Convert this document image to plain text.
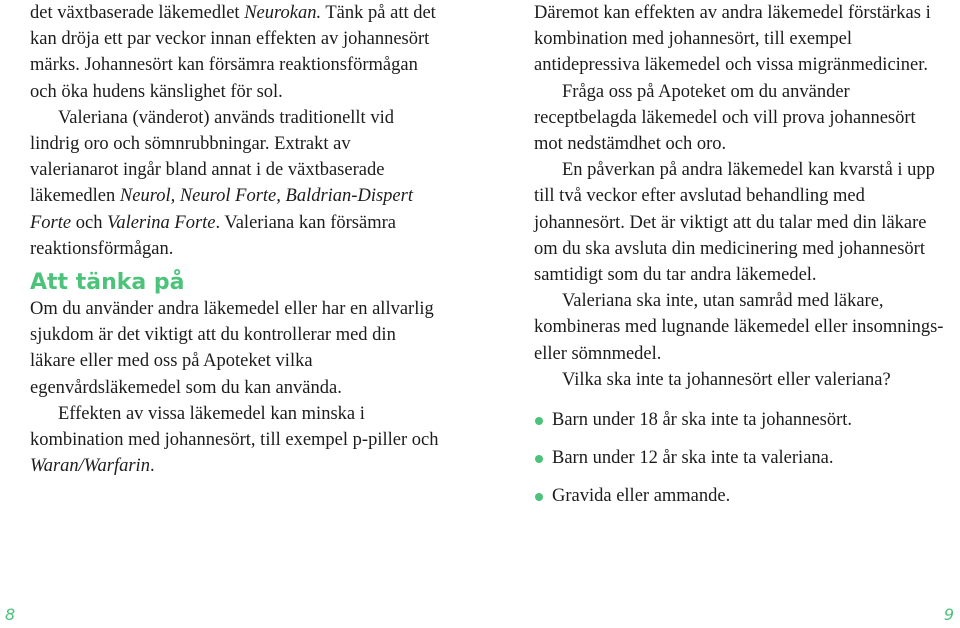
det växtbaserade läkemedlet Neurokan. Tänk på att det kan dröja ett par veckor innan effekten av johannesört märks. Johannesört kan försämra reaktionsförmågan och öka hudens känslighet för sol.

Valeriana (vänderot) används traditionellt vid lindrig oro och sömnrubbningar. Extrakt av valerianarot ingår bland annat i de växtbaserade läkemedlen Neurol, Neurol Forte, Baldrian-Dispert Forte och Valerina Forte. Valeriana kan försämra reaktionsförmågan.

Att tänka på

Om du använder andra läkemedel eller har en allvarlig sjukdom är det viktigt att du kontrollerar med din läkare eller med oss på Apoteket vilka egenvårdsläkemedel som du kan använda.

Effekten av vissa läkemedel kan minska i kombination med johannesört, till exempel p-piller och Waran/Warfarin.

Däremot kan effekten av andra läkemedel förstärkas i kombination med johannesört, till exempel antidepressiva läkemedel och vissa migränmediciner.

Fråga oss på Apoteket om du använder receptbelagda läkemedel och vill prova johannesört mot nedstämdhet och oro.

En påverkan på andra läkemedel kan kvarstå i upp till två veckor efter avslutad behandling med johannesört. Det är viktigt att du talar med din läkare om du ska avsluta din medicinering med johannesört samtidigt som du tar andra läkemedel.

Valeriana ska inte, utan samråd med läkare, kombineras med lugnande läkemedel eller insomnings- eller sömnmedel.

Vilka ska inte ta johannesört eller valeriana?

Barn under 18 år ska inte ta johannesört.
Barn under 12 år ska inte ta valeriana.
Gravida eller ammande.
8	9
